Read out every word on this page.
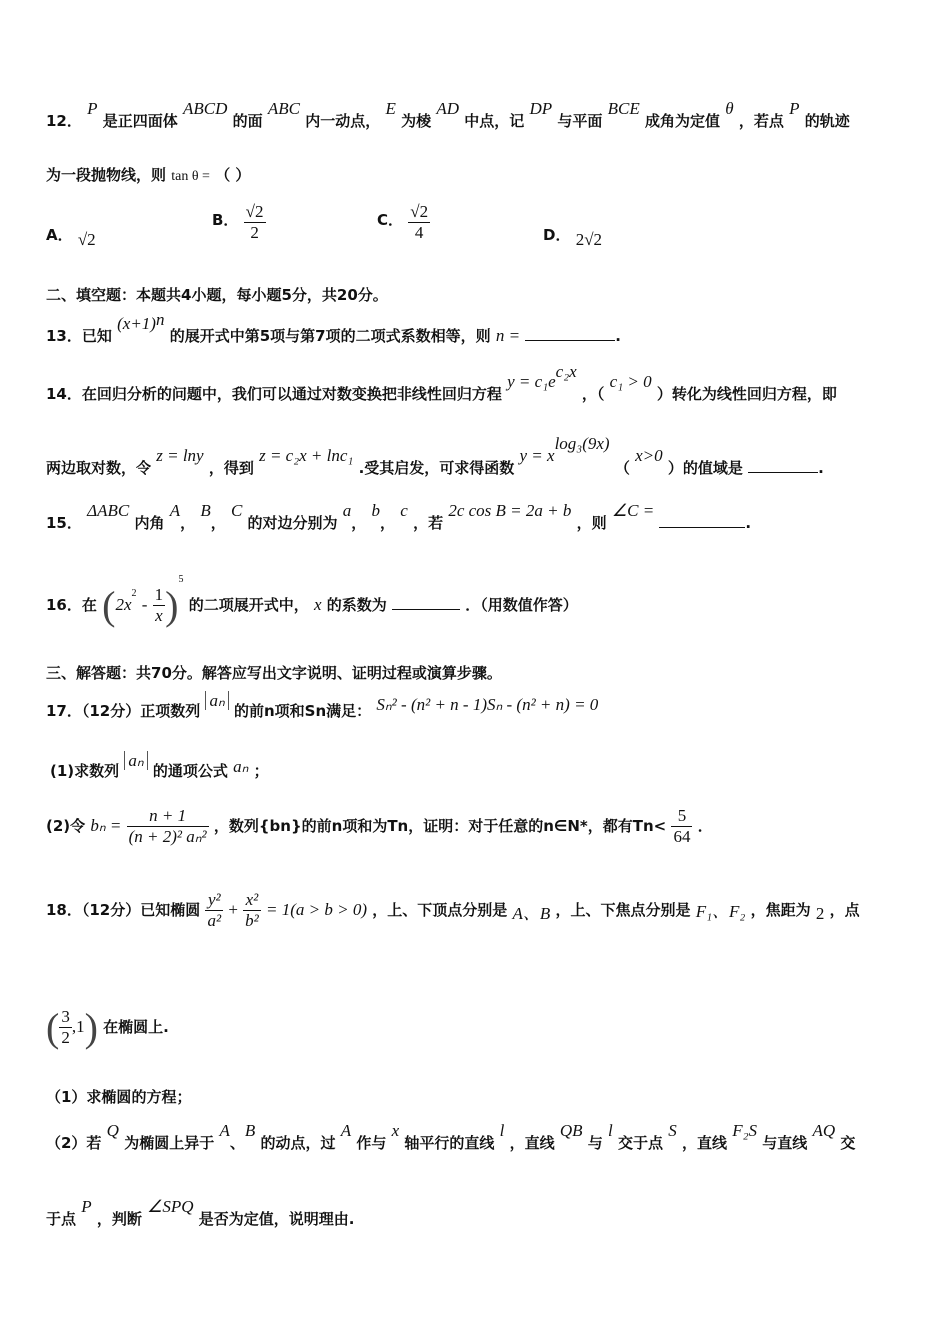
12． P 是正四面体 ABCD 的面 ABC 内一动点， E 为棱 AD 中点，记 DP 与平面 BCE 成角为定值 θ ，若点 P 的轨迹
为一段抛物线，则 tan θ = （ ）
A． √2
B． $\frac{√2}{2}$	C． $\frac{√2}{4}$	D． 2√2
二、填空题：本题共4小题，每小题5分，共20分。
13．已知 $(x+1)^n$ 的展开式中第5项与第7项的二项式系数相等，则 n =	.
14．在回归分析的问题中，我们可以通过对数变换把非线性回归方程 $y = c_1e^{c_2x}$ ，（ c₁ > 0 ）转化为线性回归方程，即
两边取对数，令 z = lny ，得到 z = c₂x + lnc₁ .受其启发，可求得函数 $y = x^{log_3(9x)}$ （ x>0 ）的值域是	.
15． ΔABC 内角 A， B， C 的对边分别为 a， b， c ，若 2c cos B = 2a + b ，则 ∠C = .
16．在 $(2x^2 - \frac{1}{x} )^5$ 的二项展开式中， x 的系数为	．（用数值作答）
三、解答题：共70分。解答应写出文字说明、证明过程或演算步骤。
17．（12分）正项数列 aₙ 的前n项和Sn满足： Sₙ² - (n² + n - 1)Sₙ - (n² + n) = 0
(1)求数列 aₙ 的通项公式 aₙ ；
(2)令 $b_n = \frac{n + 1}{\text{(n + 2)² aₙ²}}$ ，数列{bn}的前n项和为Tn，证明：对于任意的n∈N*，都有$Tn< \frac{5}{64}$ ．
18．（12分）已知椭圆 $\frac{\text{y²}}{\text{a²}} + \frac{\text{x²}}{\text{b²}} = 1(a > b > 0)$ ，上、下顶点分别是 A、B ，上、下焦点分别是 F₁、F₂ ，焦距为 2 ，点
( $\frac{3}{2} ,1$) 在椭圆上.
（1）求椭圆的方程；
（2）若 Q 为椭圆上异于 A、B 的动点，过 A 作与 x 轴平行的直线 l ，直线 QB 与 l 交于点 S ，直线 F₂S 与直线 AQ 交
于点 P ，判断 ∠SPQ 是否为定值，说明理由.
